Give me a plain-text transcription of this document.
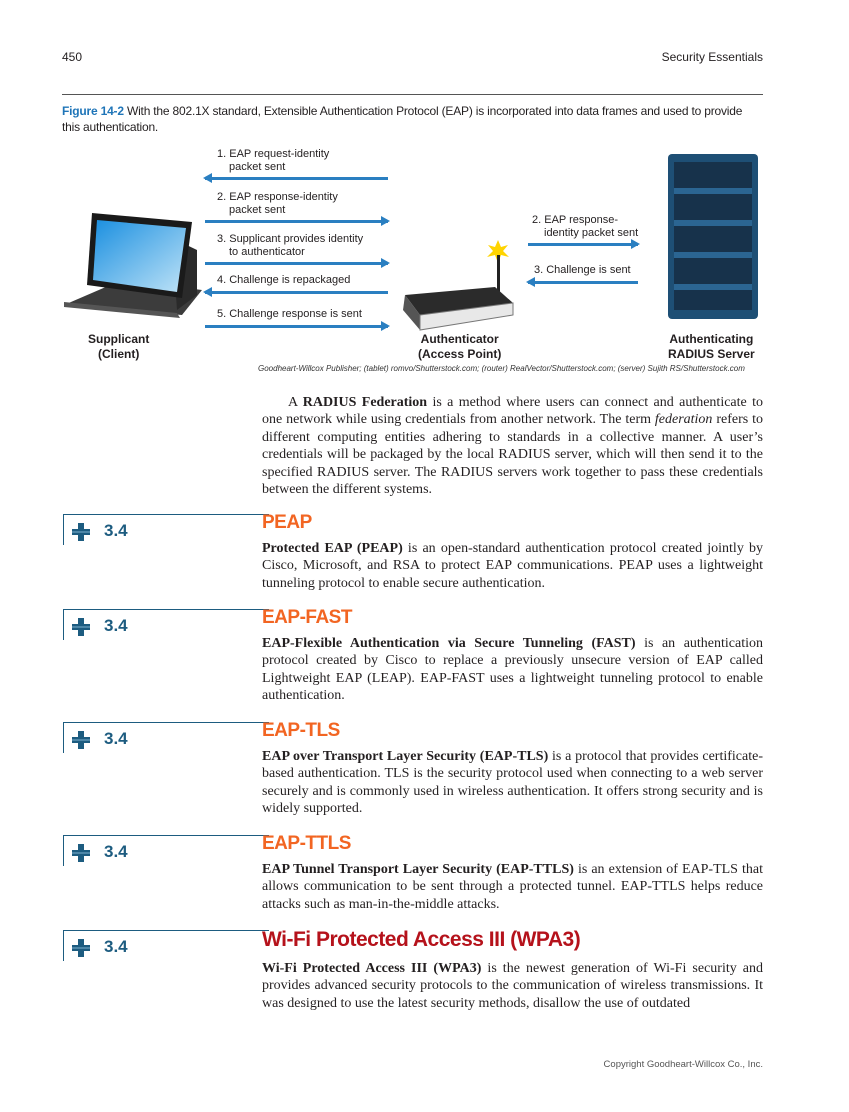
450	Security Essentials
Figure 14-2 With the 802.1X standard, Extensible Authentication Protocol (EAP) is incorporated into data frames and used to provide this authentication.
1. EAP request-identity
packet sent
2. EAP response-identity
packet sent
3. Supplicant provides identity
to authenticator
4. Challenge is repackaged
5. Challenge response is sent
2. EAP response-
identity packet sent
3. Challenge is sent
Supplicant
(Client)
Authenticator
(Access Point)
Authenticating
RADIUS Server
Goodheart-Willcox Publisher; (tablet) romvo/Shutterstock.com; (router) RealVector/Shutterstock.com; (server) Sujith RS/Shutterstock.com
A RADIUS Federation is a method where users can connect and authenticate to one network while using credentials from another network. The term federation refers to different computing entities adhering to standards in a collective manner. A user’s credentials will be packaged by the local RADIUS server, which will then send it to the specified RADIUS server. The RADIUS servers work together to pass these credentials between the different systems.
3.4	PEAP
Protected EAP (PEAP) is an open-standard authentication protocol created jointly by Cisco, Microsoft, and RSA to protect EAP communications. PEAP uses a lightweight tunneling protocol to enable secure authentication.
3.4	EAP-FAST
EAP-Flexible Authentication via Secure Tunneling (FAST) is an authentication protocol created by Cisco to replace a previously unsecure version of EAP called Lightweight EAP (LEAP). EAP-FAST uses a lightweight tunneling protocol to enable authentication.
3.4	EAP-TLS
EAP over Transport Layer Security (EAP-TLS) is a protocol that provides certificate-based authentication. TLS is the security protocol used when connecting to a web server securely and is commonly used in wireless authentication. It offers strong security and is widely supported.
3.4	EAP-TTLS
EAP Tunnel Transport Layer Security (EAP-TTLS) is an extension of EAP-TLS that allows communication to be sent through a protected tunnel. EAP-TTLS helps reduce attacks such as man-in-the-middle attacks.
3.4	Wi-Fi Protected Access III (WPA3)
Wi-Fi Protected Access III (WPA3) is the newest generation of Wi-Fi security and provides advanced security protocols to the communication of wireless transmissions. It was designed to use the latest security methods, disallow the use of outdated
Copyright Goodheart-Willcox Co., Inc.
